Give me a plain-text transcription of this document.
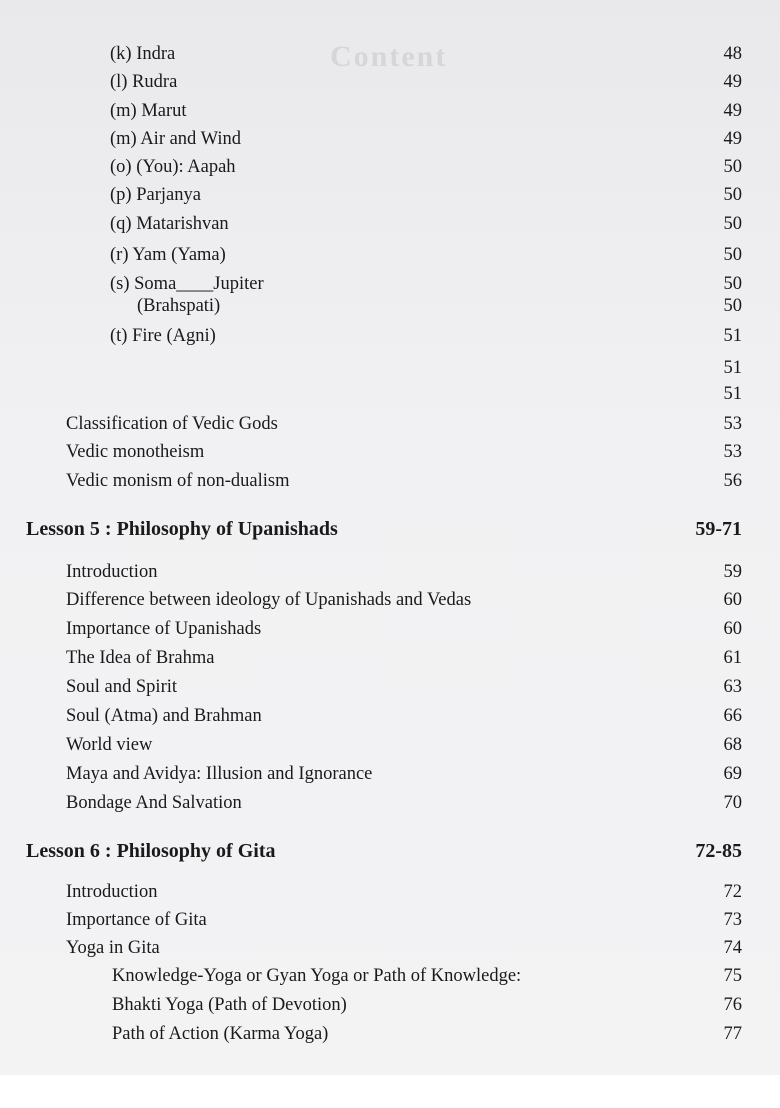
Content
(k) Indra	48
(l) Rudra	49
(m) Marut	49
(m) Air and Wind	49
(o) (You): Aapah	50
(p) Parjanya	50
(q) Matarishvan	50
(r) Yam (Yama)	50
(s) Soma____Jupiter	50
(Brahspati)	50
(t) Fire (Agni)	51
51
51
Classification of Vedic Gods	53
Vedic monotheism	53
Vedic monism of non-dualism	56
Lesson 5 : Philosophy of Upanishads	59-71
Introduction	59
Difference between ideology of Upanishads and Vedas	60
Importance of Upanishads	60
The Idea of Brahma	61
Soul and Spirit	63
Soul (Atma) and Brahman	66
World view	68
Maya and Avidya: Illusion and Ignorance	69
Bondage And Salvation	70
Lesson 6 : Philosophy of Gita	72-85
Introduction	72
Importance of Gita	73
Yoga in Gita	74
Knowledge-Yoga or Gyan Yoga or Path of Knowledge:	75
Bhakti Yoga (Path of Devotion)	76
Path of Action (Karma Yoga)	77
